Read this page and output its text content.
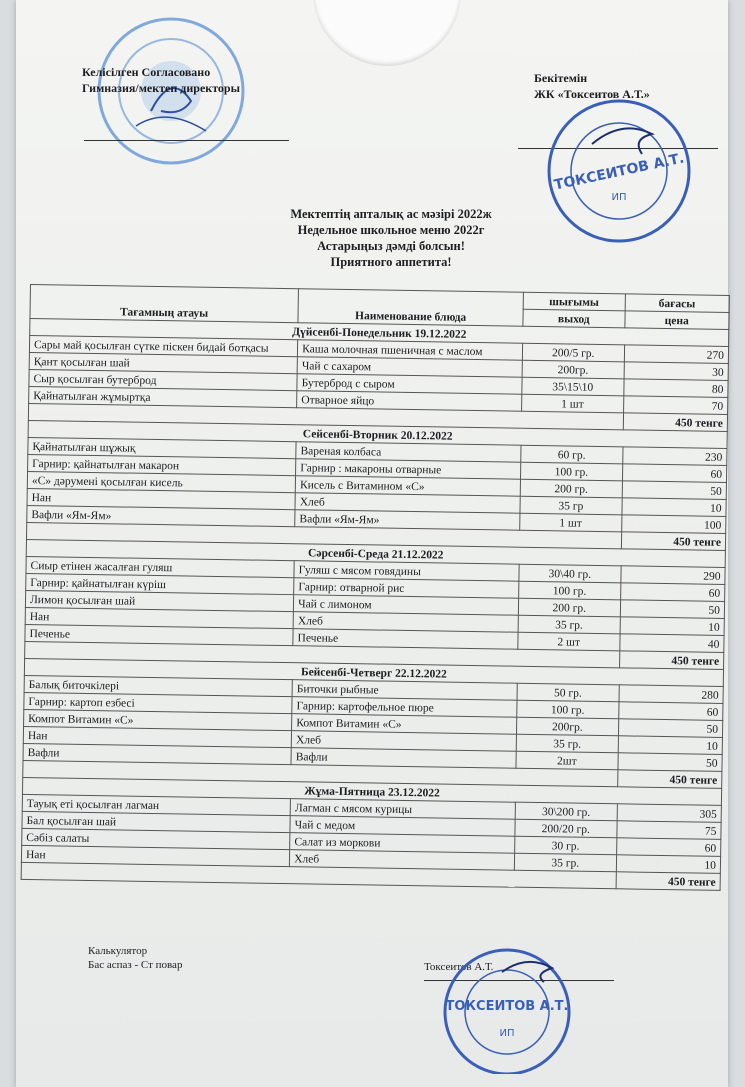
Келісілген Согласовано
Гимназия/мектеп директоры
Бекітемін
ЖК «Токсеитов А.Т.»
ТОКСЕИТОВ А.Т.
ИП
Мектептің апталық ас мәзірі 2022ж
Недельное школьное меню 2022г
Астарыңыз дәмді болсын!
Приятного аппетита!
Тағамның атауы	Наименование блюда	шығымы	бағасы
		выход	цена
Дүйсенбі-Понедельник 19.12.2022			
Сары май қосылған сүтке піскен бидай ботқасы	Каша молочная пшеничная с маслом	200/5 гр.	270
Қант қосылған шай	Чай с сахаром	200гр.	30
Сыр қосылған бутерброд	Бутерброд с сыром	35\15\10	80
Қайнатылған жұмыртқа	Отварное яйцо	1 шт	70
			450 тенге
Сейсенбі-Вторник 20.12.2022			
Қайнатылған шұжық	Вареная колбаса	60 гр.	230
Гарнир: қайнатылған макарон	Гарнир : макароны отварные	100 гр.	60
«С» дәрумені қосылған кисель	Кисель с Витамином «С»	200 гр.	50
Нан	Хлеб	35 гр	10
Вафли «Ям-Ям»	Вафли «Ям-Ям»	1 шт	100
			450 тенге
Сәрсенбі-Среда 21.12.2022			
Сиыр етінен жасалған гуляш	Гуляш с мясом говядины	30\40 гр.	290
Гарнир: қайнатылған күріш	Гарнир: отварной рис	100 гр.	60
Лимон қосылған шай	Чай с лимоном	200 гр.	50
Нан	Хлеб	35 гр.	10
Печенье	Печенье	2 шт	40
			450 тенге
Бейсенбі-Четверг 22.12.2022			
Балық биточкілері	Биточки рыбные	50 гр.	280
Гарнир: картоп езбесі	Гарнир: картофельное пюре	100 гр.	60
Компот Витамин «С»	Компот Витамин «С»	200гр.	50
Нан	Хлеб	35 гр.	10
Вафли	Вафли	2шт	50
			450 тенге
Жұма-Пятница 23.12.2022			
Тауық еті қосылған лагман	Лагман с мясом курицы	30\200 гр.	305
Бал қосылған шай	Чай с медом	200/20 гр.	75
Сәбіз салаты	Салат из моркови	30 гр.	60
Нан	Хлеб	35 гр.	10
			450 тенге
Калькулятор
Бас аспаз - Ст повар	Токсеитов А.Т.
ТОКСЕИТОВ А.Т.
ИП
